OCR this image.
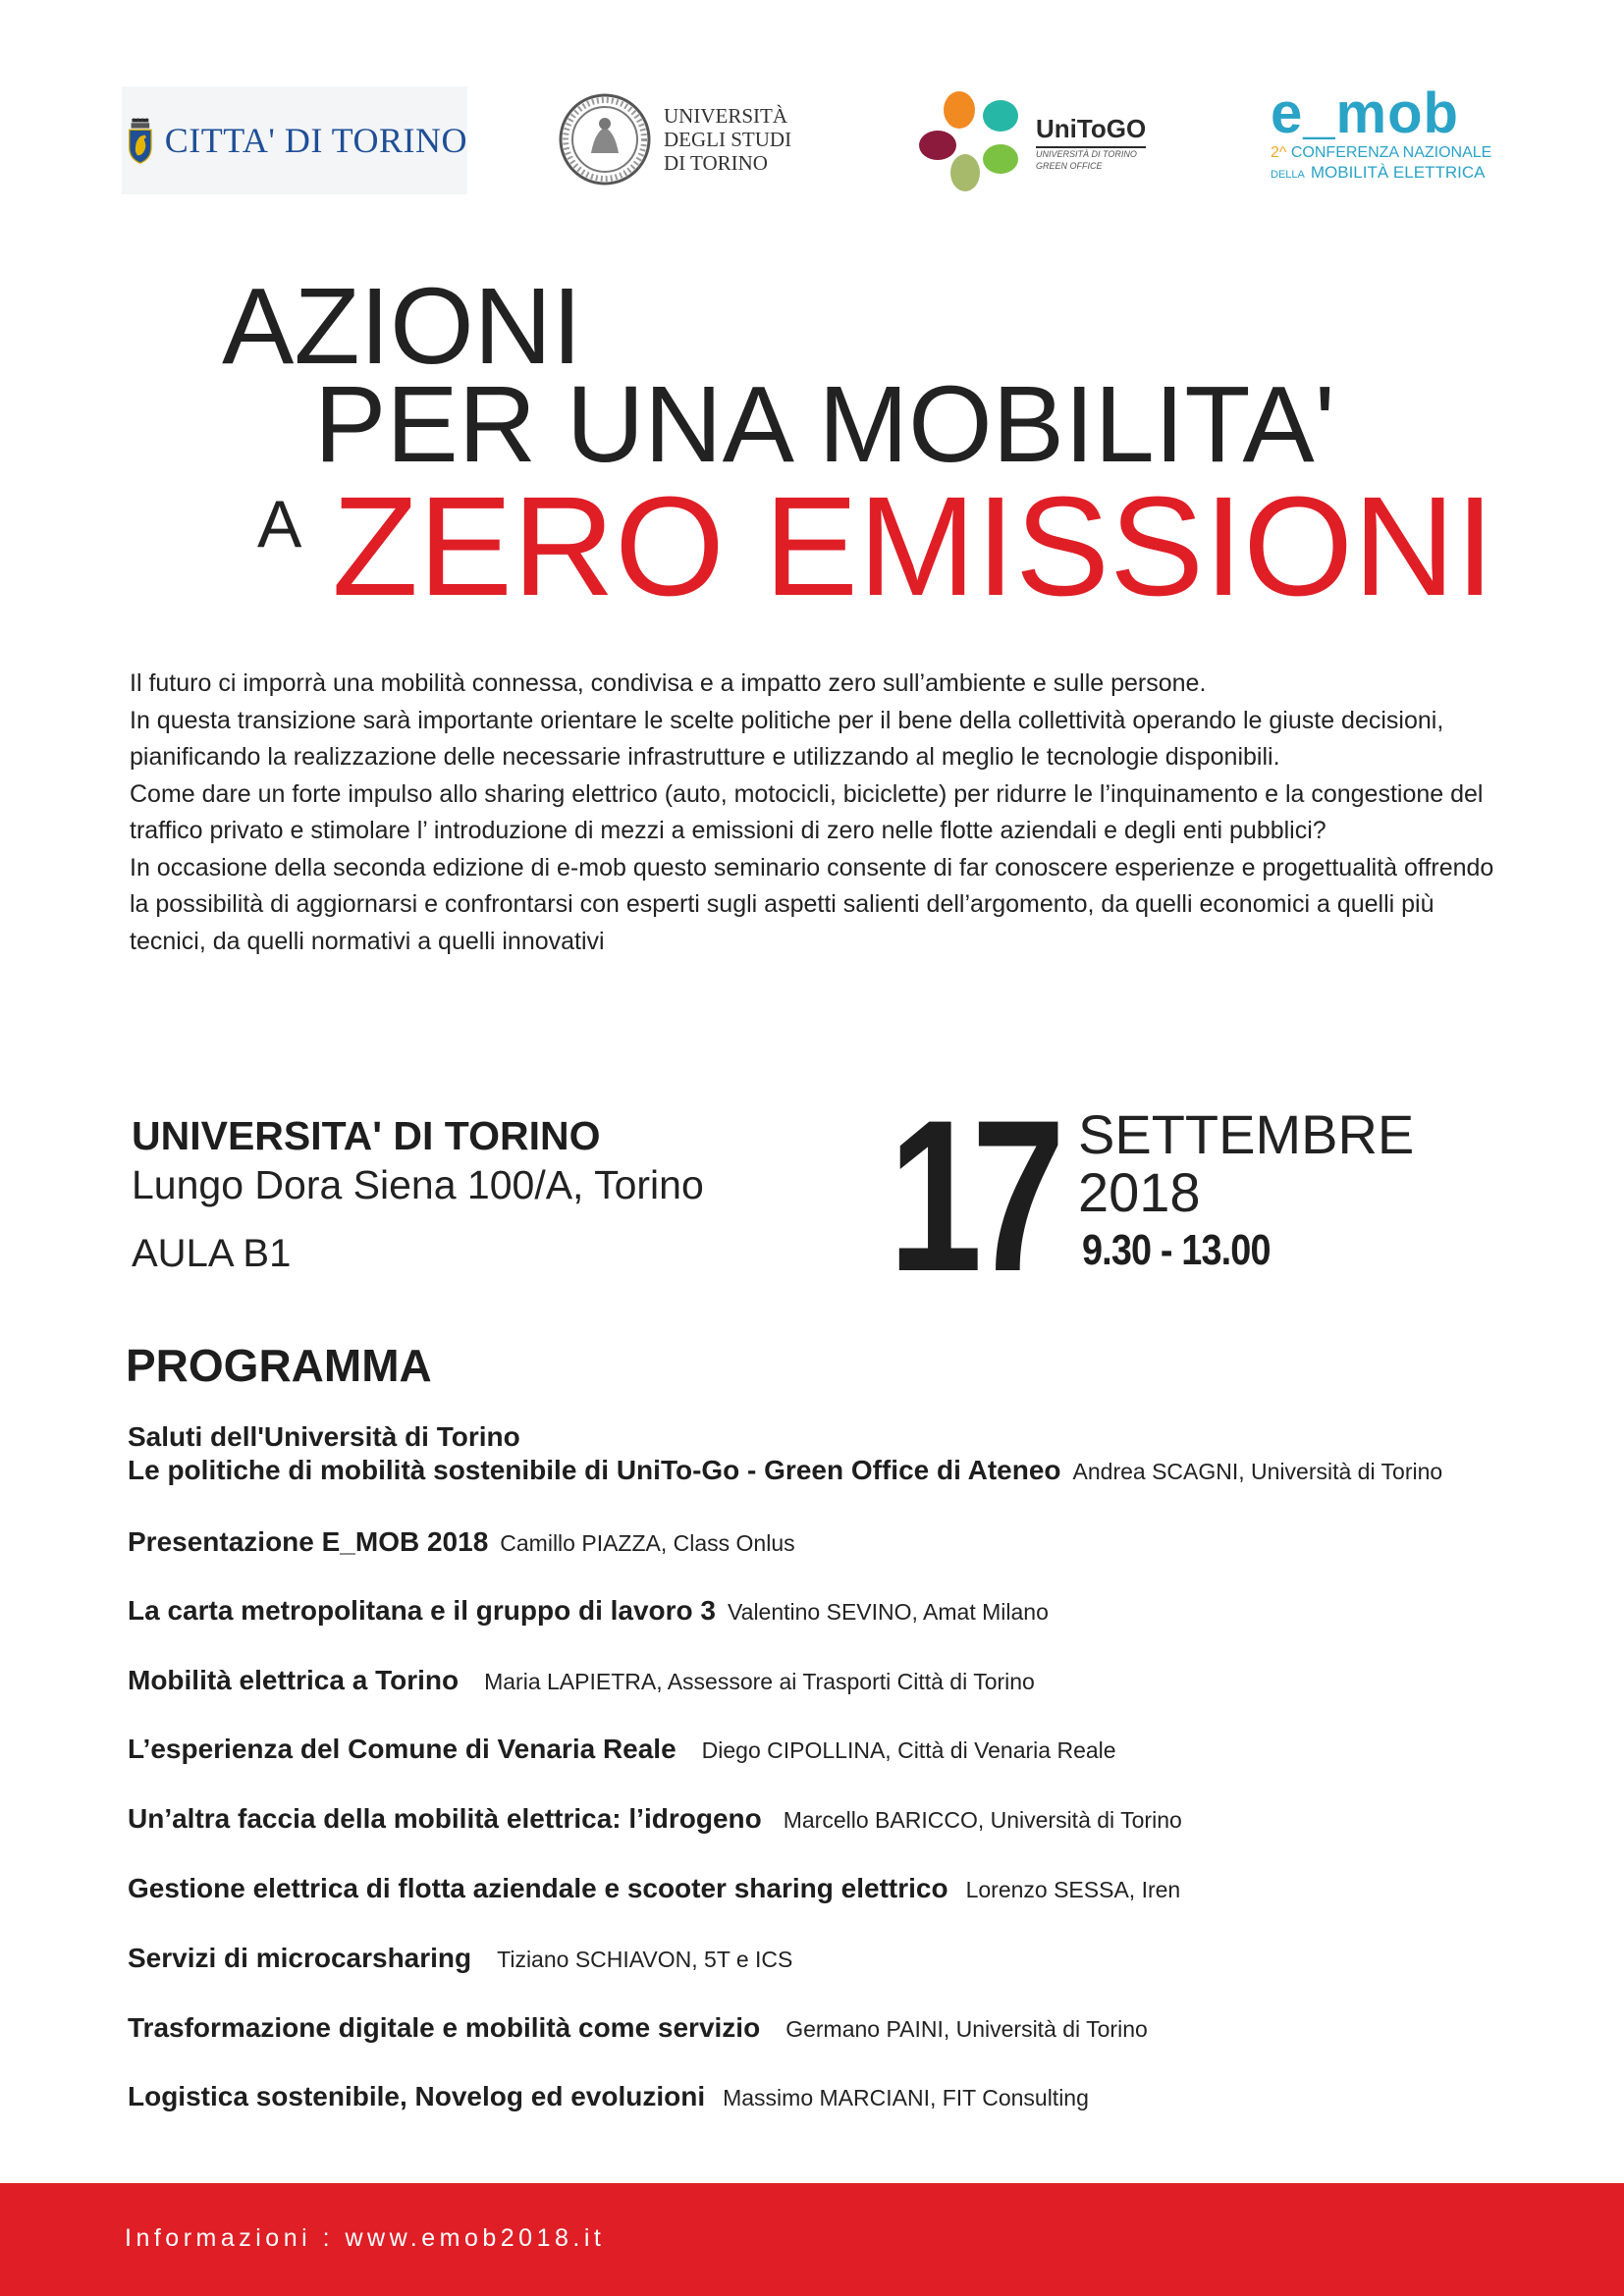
CITTA' DI TORINO
UNIVERSITÀ
DEGLI STUDI
DI TORINO
UniToGO
UNIVERSITÀ DI TORINO
GREEN OFFICE
e_mob
2^ CONFERENZA NAZIONALE
DELLA MOBILITÀ ELETTRICA
AZIONI
PER UNA MOBILITA'
A ZERO EMISSIONI

Il futuro ci imporrà una mobilità connessa, condivisa e a impatto zero sull’ambiente e sulle persone.

In questa transizione sarà importante orientare le scelte politiche per il bene della collettività operando le giuste decisioni, pianificando la realizzazione delle necessarie infrastrutture e utilizzando al meglio le tecnologie disponibili.

Come dare un forte impulso allo sharing elettrico (auto, motocicli, biciclette) per ridurre le l’inquinamento e la congestione del traffico privato e stimolare l’ introduzione di mezzi a emissioni di zero nelle flotte aziendali e degli enti pubblici?

In occasione della seconda edizione di e-mob questo seminario consente di far conoscere esperienze e progettualità offrendo la possibilità di aggiornarsi e confrontarsi con esperti sugli aspetti salienti dell’argomento, da quelli economici a quelli più tecnici, da quelli normativi a quelli innovativi

UNIVERSITA' DI TORINO
Lungo Dora Siena 100/A, Torino
AULA B1	17 SETTEMBRE
2018
9.30 - 13.00
PROGRAMMA
Saluti dell'Università di Torino
Le politiche di mobilità sostenibile di UniTo-Go - Green Office di Ateneo Andrea SCAGNI, Università di Torino
Presentazione E_MOB 2018 Camillo PIAZZA, Class Onlus
La carta metropolitana e il gruppo di lavoro 3 Valentino SEVINO, Amat Milano
Mobilità elettrica a Torino Maria LAPIETRA, Assessore ai Trasporti Città di Torino
L’esperienza del Comune di Venaria Reale Diego CIPOLLINA, Città di Venaria Reale
Un’altra faccia della mobilità elettrica: l’idrogeno Marcello BARICCO, Università di Torino
Gestione elettrica di flotta aziendale e scooter sharing elettrico Lorenzo SESSA, Iren
Servizi di microcarsharing Tiziano SCHIAVON, 5T e ICS
Trasformazione digitale e mobilità come servizio Germano PAINI, Università di Torino
Logistica sostenibile, Novelog ed evoluzioni Massimo MARCIANI, FIT Consulting
Informazioni : www.emob2018.it
